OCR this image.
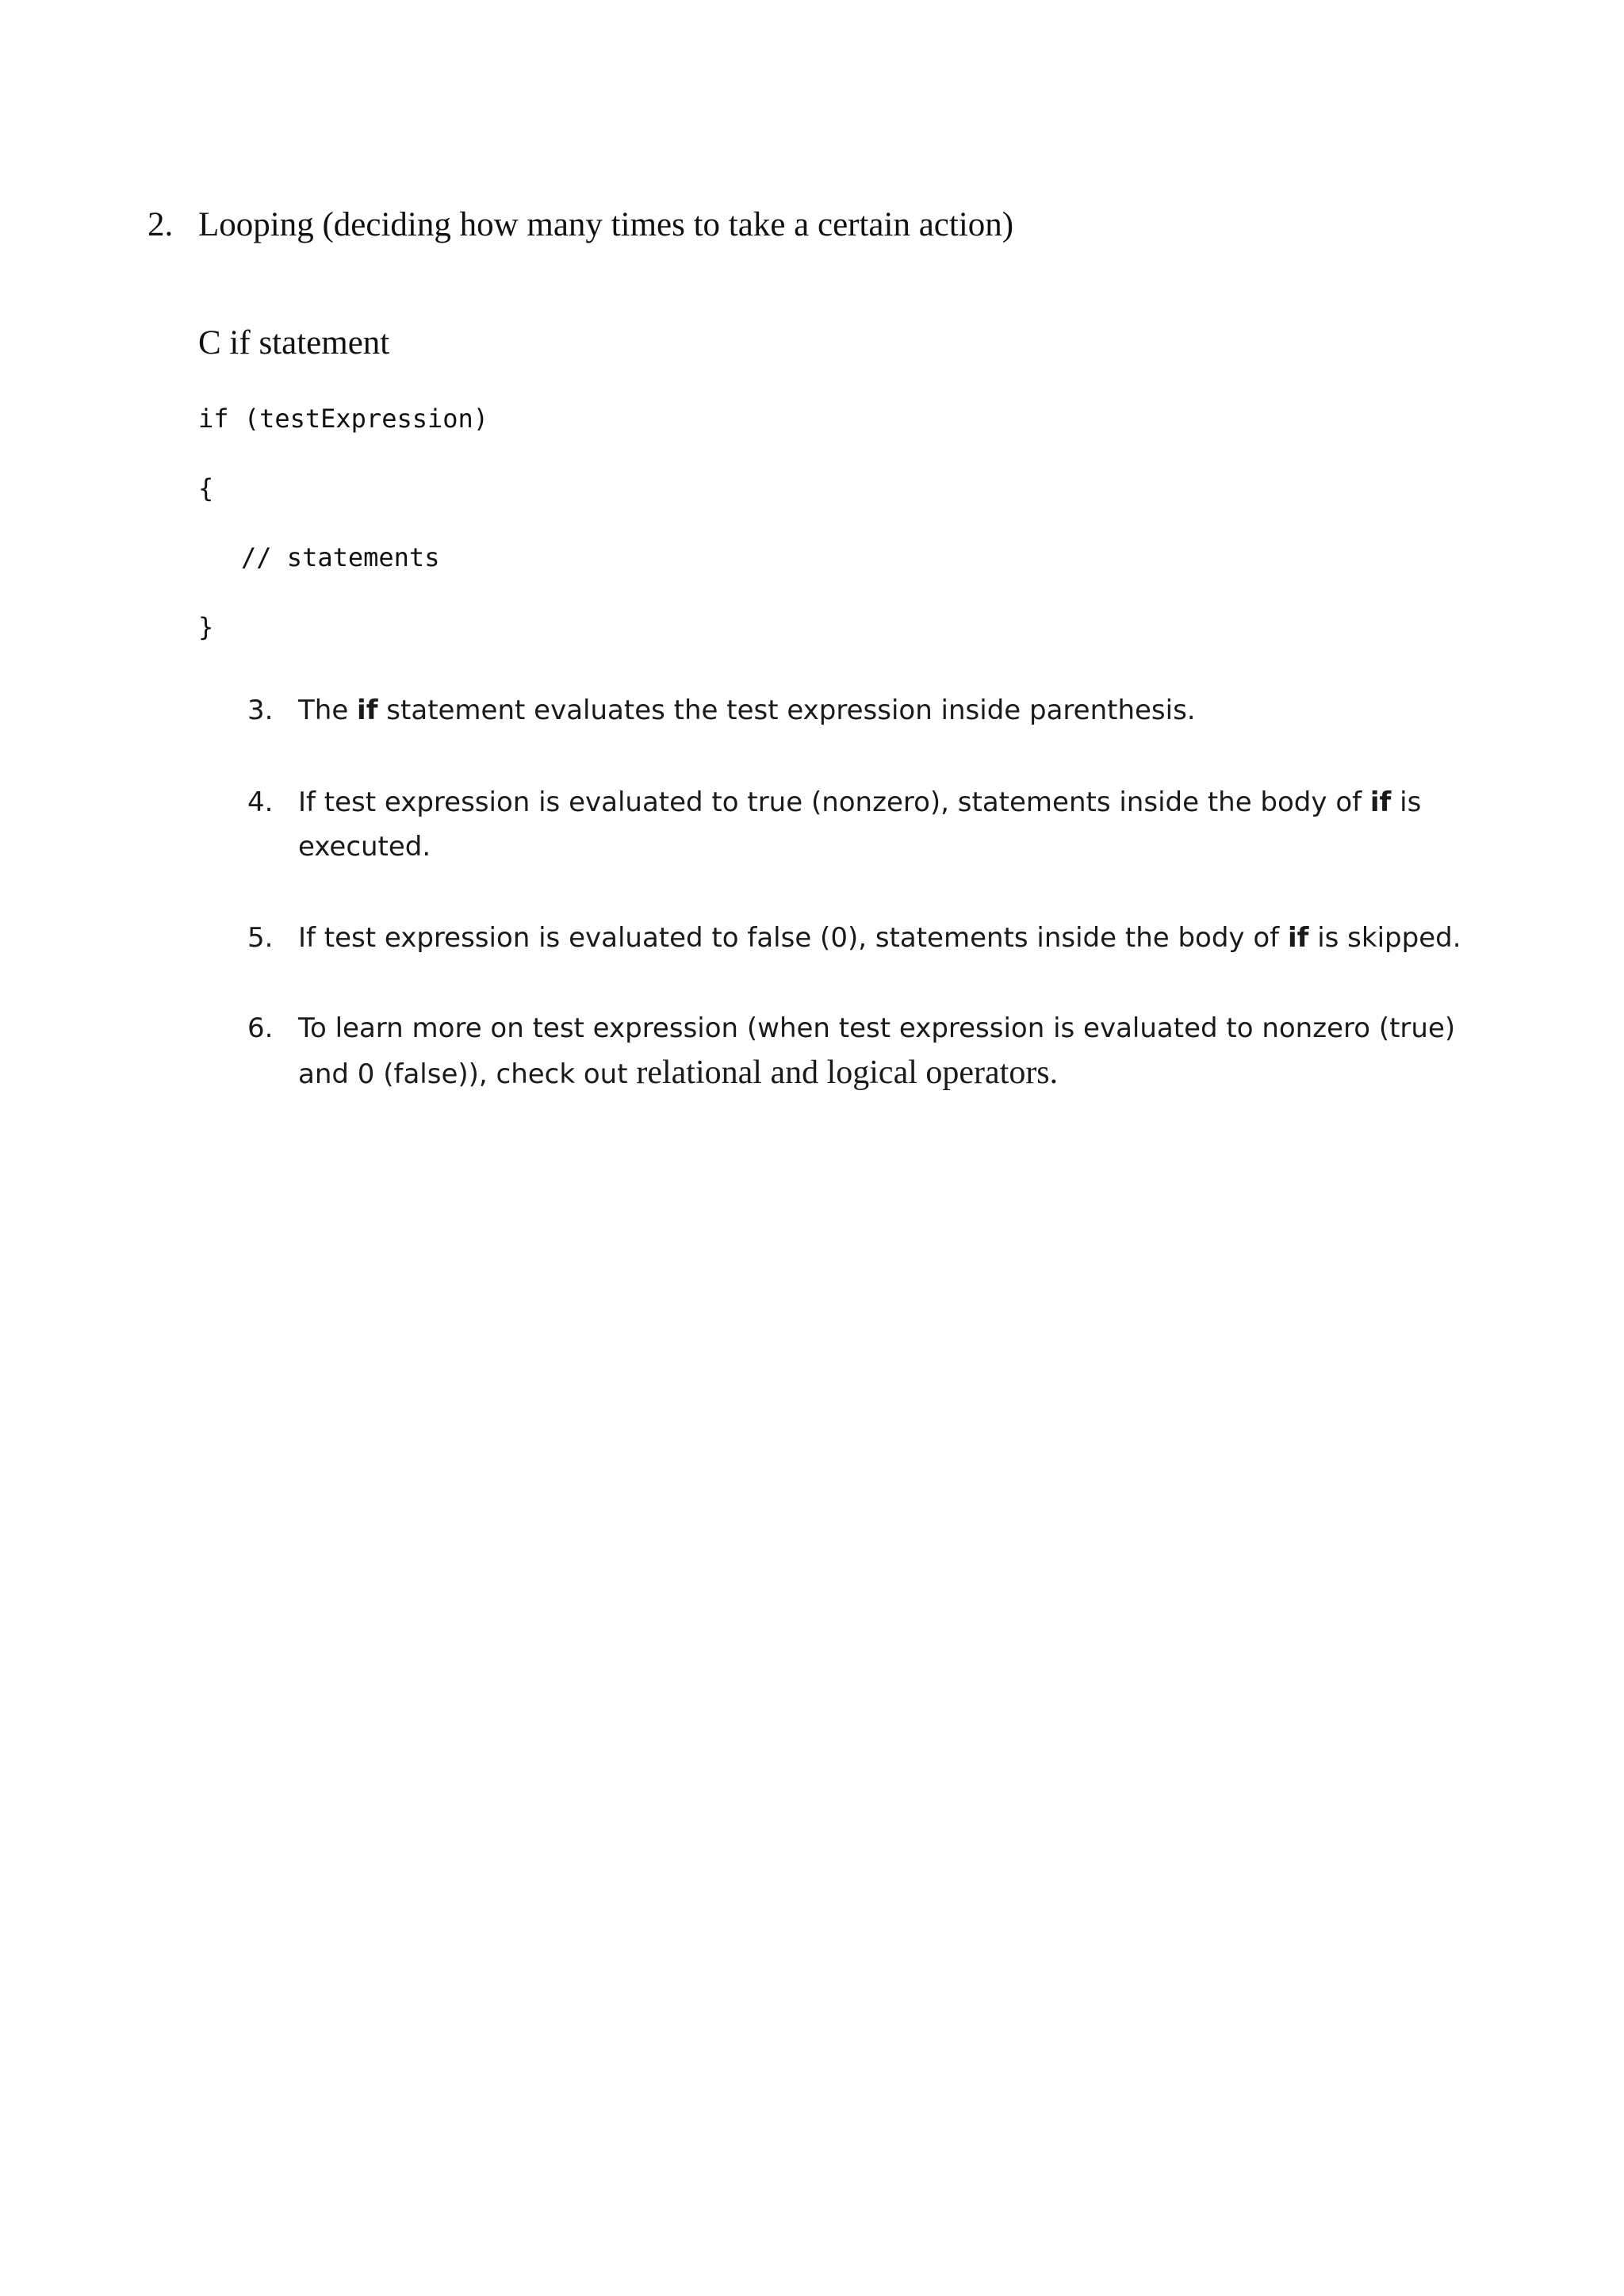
2. Looping (deciding how many times to take a certain action)
C if statement
if (testExpression)
{
// statements
}
3. The if statement evaluates the test expression inside parenthesis.
4. If test expression is evaluated to true (nonzero), statements inside the body of if is executed.
5. If test expression is evaluated to false (0), statements inside the body of if is skipped.
6. To learn more on test expression (when test expression is evaluated to nonzero (true) and 0 (false)), check out relational and logical operators.
